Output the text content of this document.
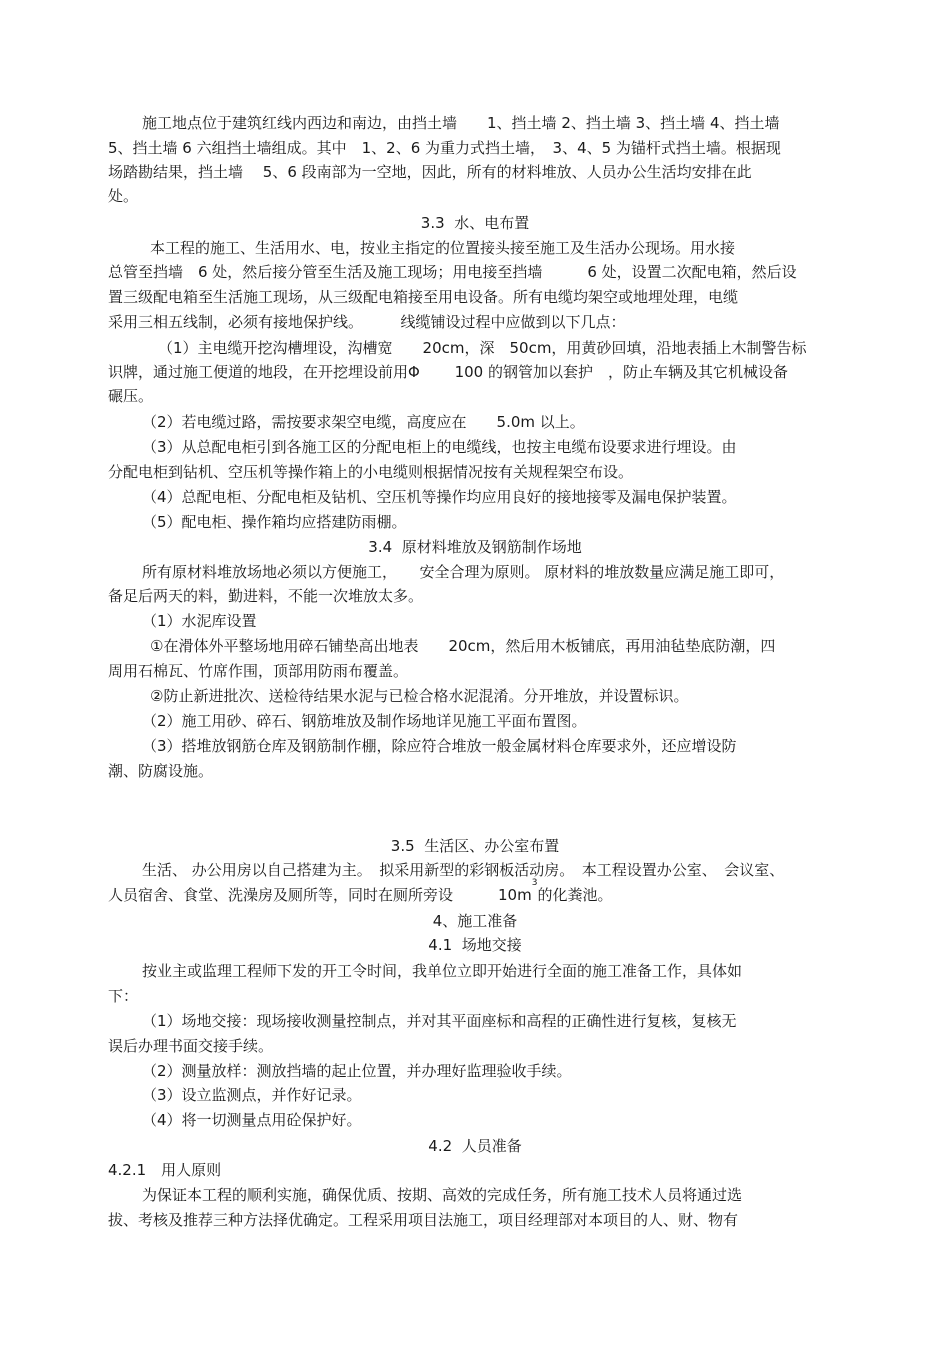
施工地点位于建筑红线内西边和南边，由挡土墙　　1、挡土墙 2、挡土墙 3、挡土墙 4、挡土墙

5、挡土墙 6 六组挡土墙组成。其中　1、2、6 为重力式挡土墙，　3、4、5 为锚杆式挡土墙。根据现

场踏勘结果，挡土墙　 5、6 段南部为一空地，因此，所有的材料堆放、人员办公生活均安排在此

处。

3.3  水、电布置

本工程的施工、生活用水、电，按业主指定的位置接头接至施工及生活办公现场。用水接

总管至挡墙　6 处，然后接分管至生活及施工现场；用电接至挡墙　　　6 处，设置二次配电箱，然后设

置三级配电箱至生活施工现场，从三级配电箱接至用电设备。所有电缆均架空或地埋处理，电缆

采用三相五线制，必须有接地保护线。　　　线缆铺设过程中应做到以下几点：

（1）主电缆开挖沟槽埋设，沟槽宽　　20cm，深　50cm，用黄砂回填，沿地表插上木制警告标

识牌，通过施工便道的地段，在开挖埋设前用Φ　　 100 的钢管加以套护　，防止车辆及其它机械设备

碾压。

（2）若电缆过路，需按要求架空电缆，高度应在　　5.0m 以上。

（3）从总配电柜引到各施工区的分配电柜上的电缆线，也按主电缆布设要求进行埋设。由

分配电柜到钻机、空压机等操作箱上的小电缆则根据情况按有关规程架空布设。

（4）总配电柜、分配电柜及钻机、空压机等操作均应用良好的接地接零及漏电保护装置。

（5）配电柜、操作箱均应搭建防雨棚。

3.4  原材料堆放及钢筋制作场地

所有原材料堆放场地必须以方便施工，　　安全合理为原则。 原材料的堆放数量应满足施工即可，

备足后两天的料，勤进料，不能一次堆放太多。

（1）水泥库设置

①在滑体外平整场地用碎石铺垫高出地表　　20cm，然后用木板铺底，再用油毡垫底防潮，四

周用石棉瓦、竹席作围，顶部用防雨布覆盖。

②防止新进批次、送检待结果水泥与已检合格水泥混淆。分开堆放，并设置标识。

（2）施工用砂、碎石、钢筋堆放及制作场地详见施工平面布置图。

（3）搭堆放钢筋仓库及钢筋制作棚，除应符合堆放一般金属材料仓库要求外，还应增设防

潮、防腐设施。

3.5  生活区、办公室布置

生活、 办公用房以自己搭建为主。　拟采用新型的彩钢板活动房。　本工程设置办公室、　会议室、

人员宿舍、食堂、洗澡房及厕所等，同时在厕所旁设　　　$10m^3$的化粪池。

4、施工准备

4.1  场地交接

按业主或监理工程师下发的开工令时间，我单位立即开始进行全面的施工准备工作，具体如

下：

（1）场地交接：现场接收测量控制点，并对其平面座标和高程的正确性进行复核，复核无

误后办理书面交接手续。

（2）测量放样：测放挡墙的起止位置，并办理好监理验收手续。

（3）设立监测点，并作好记录。

（4）将一切测量点用砼保护好。

4.2  人员准备

4.2.1　用人原则

为保证本工程的顺利实施，确保优质、按期、高效的完成任务，所有施工技术人员将通过选

拔、考核及推荐三种方法择优确定。工程采用项目法施工，项目经理部对本项目的人、财、物有
